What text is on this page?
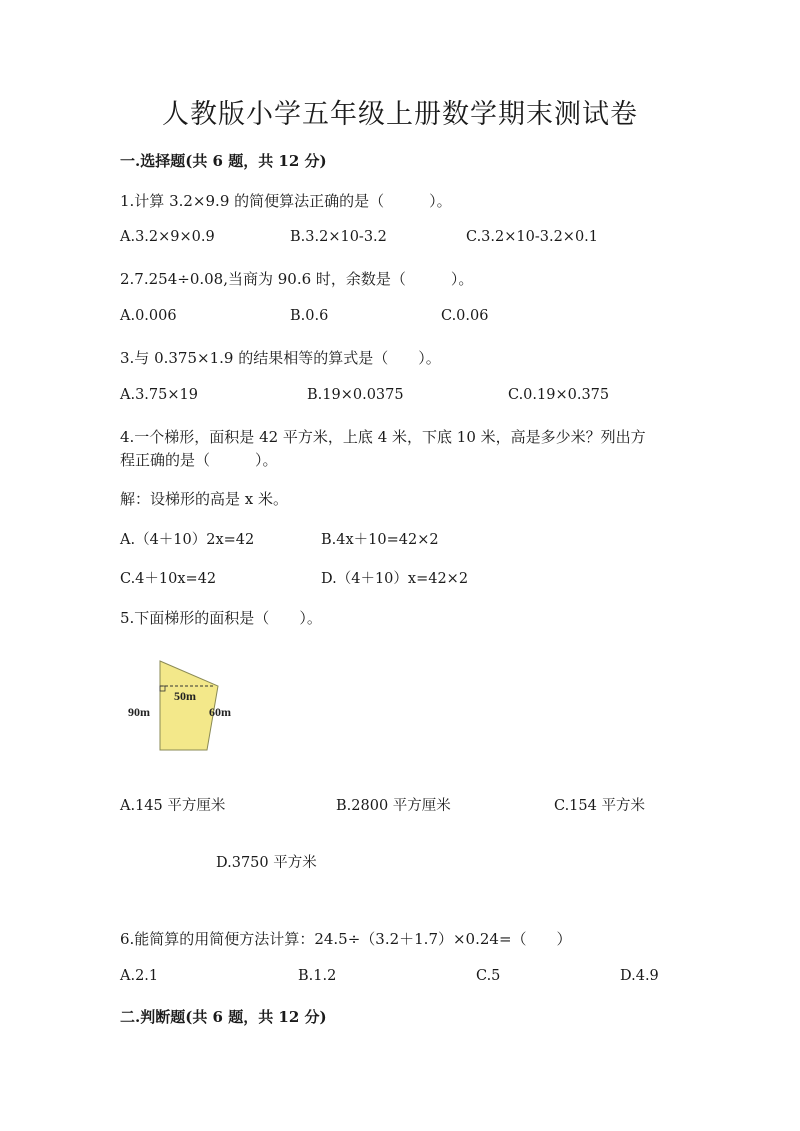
人教版小学五年级上册数学期末测试卷
一.选择题(共 6 题，共 12 分)
1.计算 3.2×9.9 的简便算法正确的是（　　　）。
A.3.2×9×0.9	B.3.2×10-3.2	C.3.2×10-3.2×0.1
2.7.254÷0.08,当商为 90.6 时，余数是（　　　）。
A.0.006	B.0.6	C.0.06
3.与 0.375×1.9 的结果相等的算式是（　　）。
A.3.75×19	B.19×0.0375	C.0.19×0.375
4.一个梯形，面积是 42 平方米，上底 4 米，下底 10 米，高是多少米？列出方
程正确的是（　　　）。
解：设梯形的高是 x 米。
A.（4＋10）2x=42	B.4x＋10=42×2
C.4＋10x=42	D.（4＋10）x=42×2
5.下面梯形的面积是（　　）。
90m
50m
60m
A.145 平方厘米	B.2800 平方厘米	C.154 平方米
D.3750 平方米
6.能简算的用简便方法计算：24.5÷（3.2＋1.7）×0.24=（　　）
A.2.1	B.1.2	C.5	D.4.9
二.判断题(共 6 题，共 12 分)
